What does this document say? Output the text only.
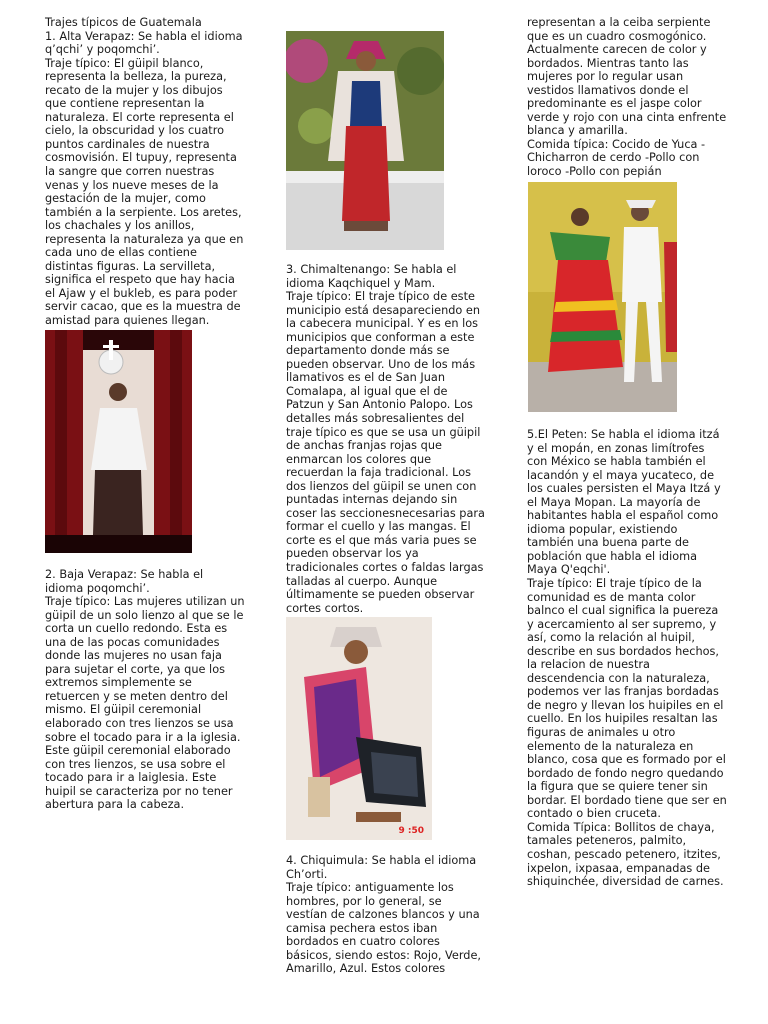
Trajes típicos de Guatemala

1. Alta Verapaz: Se habla el idioma q’qchi’ y poqomchi’.

Traje típico: El güipil blanco, representa la belleza, la pureza, recato de la mujer y los dibujos que contiene representan la naturaleza. El corte representa el cielo, la obscuridad y los cuatro puntos cardinales de nuestra cosmovisión. El tupuy, representa la sangre que corren nuestras venas y los nueve meses de la gestación de la mujer, como también a la serpiente. Los aretes, los chachales y los anillos, representa la naturaleza ya que en cada uno de ellas contiene distintas figuras. La servilleta, significa el respeto que hay hacia el Ajaw y el bukleb, es para poder servir cacao, que es la muestra de amistad para quienes llegan.

2. Baja Verapaz: Se habla el idioma poqomchi’.

Traje típico: Las mujeres utilizan un güipil de un solo lienzo al que se le corta un cuello redondo. Esta es una de las pocas comunidades donde las mujeres no usan faja para sujetar el corte, ya que los extremos simplemente se retuercen y se meten dentro del mismo. El güipil ceremonial elaborado con tres lienzos se usa sobre el tocado para ir a la iglesia. Este güipil ceremonial elaborado con tres lienzos, se usa sobre el tocado para ir a laiglesia. Este huipil se caracteriza por no tener abertura para la cabeza.

3. Chimaltenango: Se habla el idioma Kaqchiquel y Mam.

Traje típico: El traje típico de este municipio está desapareciendo en la cabecera municipal. Y es en los municipios que conforman a este departamento donde más se pueden observar. Uno de los más llamativos es el de San Juan Comalapa, al igual que el de Patzun y San Antonio Palopo. Los detalles más sobresalientes del traje típico es que se usa un güipil de anchas franjas rojas que enmarcan los colores que recuerdan la faja tradicional. Los dos lienzos del güipil se unen con puntadas internas dejando sin coser las seccionesnecesarias para formar el cuello y las mangas. El corte es el que más varia pues se pueden observar los ya tradicionales cortes o faldas largas talladas al cuerpo. Aunque últimamente se pueden observar cortes cortos.

9 :50

4. Chiquimula: Se habla el idioma Ch’orti.

Traje típico: antiguamente los hombres, por lo general, se vestían de calzones blancos y una camisa pechera estos iban bordados en cuatro colores básicos, siendo estos: Rojo, Verde, Amarillo, Azul. Estos colores

representan a la ceiba serpiente que es un cuadro cosmogónico. Actualmente carecen de color y bordados. Mientras tanto las mujeres por lo regular usan vestidos llamativos donde el predominante es el jaspe color verde y rojo con una cinta enfrente blanca y amarilla.

Comida típica: Cocido de Yuca -Chicharron de cerdo -Pollo con loroco -Pollo con pepián

5.El Peten: Se habla el idioma itzá y el mopán, en zonas limítrofes con México se habla también el lacandón y el maya yucateco, de los cuales persisten el Maya Itzá y el Maya Mopan. La mayoría de habitantes habla el español como idioma popular, existiendo también una buena parte de población que habla el idioma Maya Q'eqchi'.

Traje típico: El traje típico de la comunidad es de manta color balnco el cual significa la puereza y acercamiento al ser supremo, y así, como la relación al huipil, describe en sus bordados hechos, la relacion de nuestra descendencia con la naturaleza, podemos ver las franjas bordadas de negro y llevan los huipiles en el cuello. En los huipiles resaltan las figuras de animales u otro elemento de la naturaleza en blanco, cosa que es formado por el bordado de fondo negro quedando la figura que se quiere tener sin bordar. El bordado tiene que ser en contado o bien cruceta.

Comida Típica: Bollitos de chaya, tamales peteneros, palmito, coshan, pescado petenero, itzites, ixpelon, ixpasaa, empanadas de shiquinchée, diversidad de carnes.
